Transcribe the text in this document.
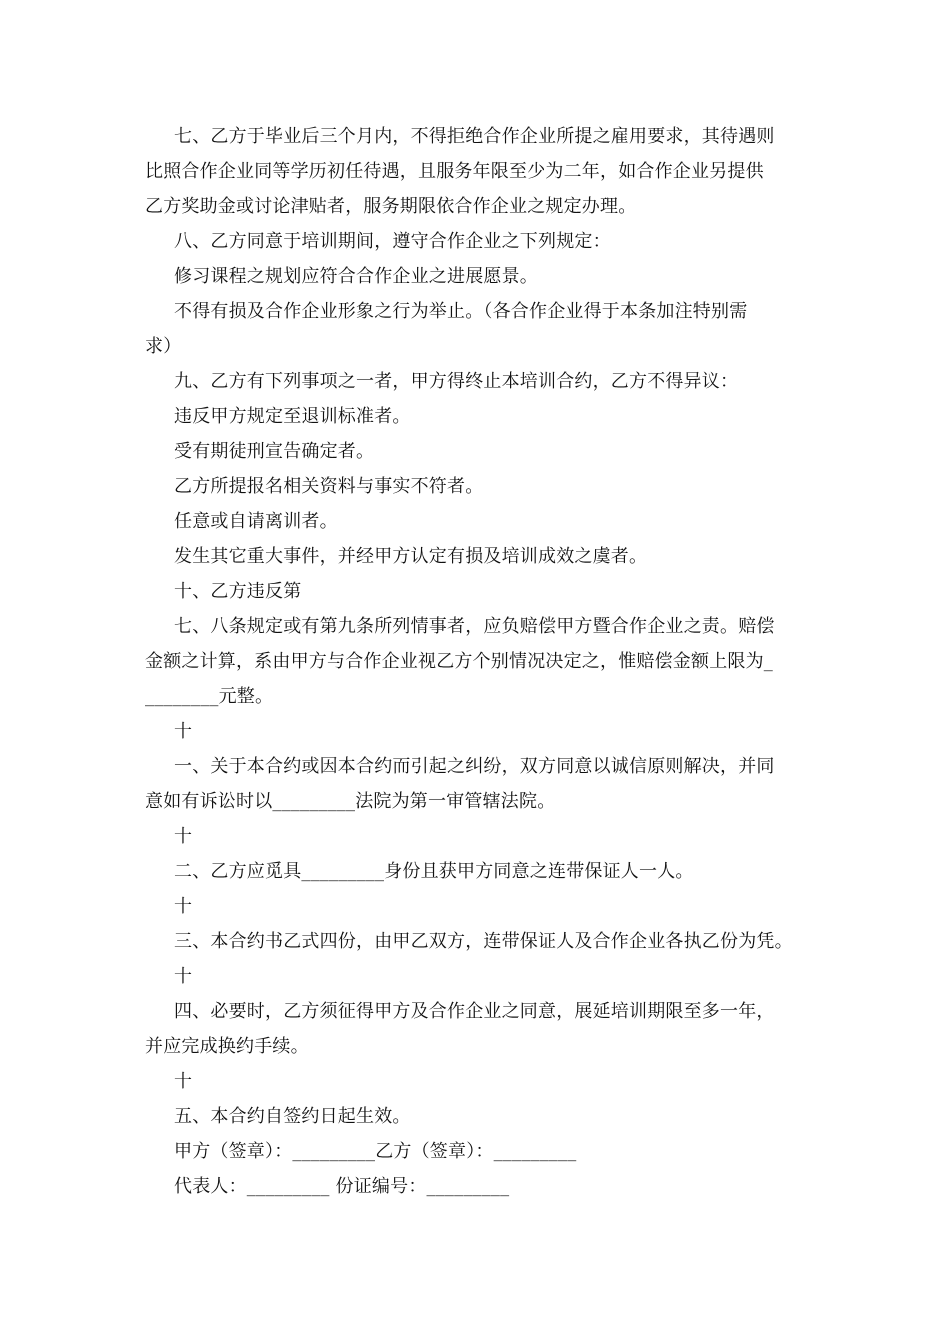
七、乙方于毕业后三个月内，不得拒绝合作企业所提之雇用要求，其待遇则
比照合作企业同等学历初任待遇，且服务年限至少为二年，如合作企业另提供
乙方奖助金或讨论津贴者，服务期限依合作企业之规定办理。
八、乙方同意于培训期间，遵守合作企业之下列规定：
修习课程之规划应符合合作企业之进展愿景。
不得有损及合作企业形象之行为举止。（各合作企业得于本条加注特别需
求）
九、乙方有下列事项之一者，甲方得终止本培训合约，乙方不得异议：
违反甲方规定至退训标准者。
受有期徒刑宣告确定者。
乙方所提报名相关资料与事实不符者。
任意或自请离训者。
发生其它重大事件，并经甲方认定有损及培训成效之虞者。
十、乙方违反第
七、八条规定或有第九条所列情事者，应负赔偿甲方暨合作企业之责。赔偿
金额之计算，系由甲方与合作企业视乙方个别情况决定之，惟赔偿金额上限为_
________元整。
十
一、关于本合约或因本合约而引起之纠纷，双方同意以诚信原则解决，并同
意如有诉讼时以_________法院为第一审管辖法院。
十
二、乙方应觅具_________身份且获甲方同意之连带保证人一人。
十
三、本合约书乙式四份，由甲乙双方，连带保证人及合作企业各执乙份为凭。
十
四、必要时，乙方须征得甲方及合作企业之同意，展延培训期限至多一年，
并应完成换约手续。
十
五、本合约自签约日起生效。
甲方（签章）：_________乙方（签章）：_________
代表人：_________ 份证编号：_________
